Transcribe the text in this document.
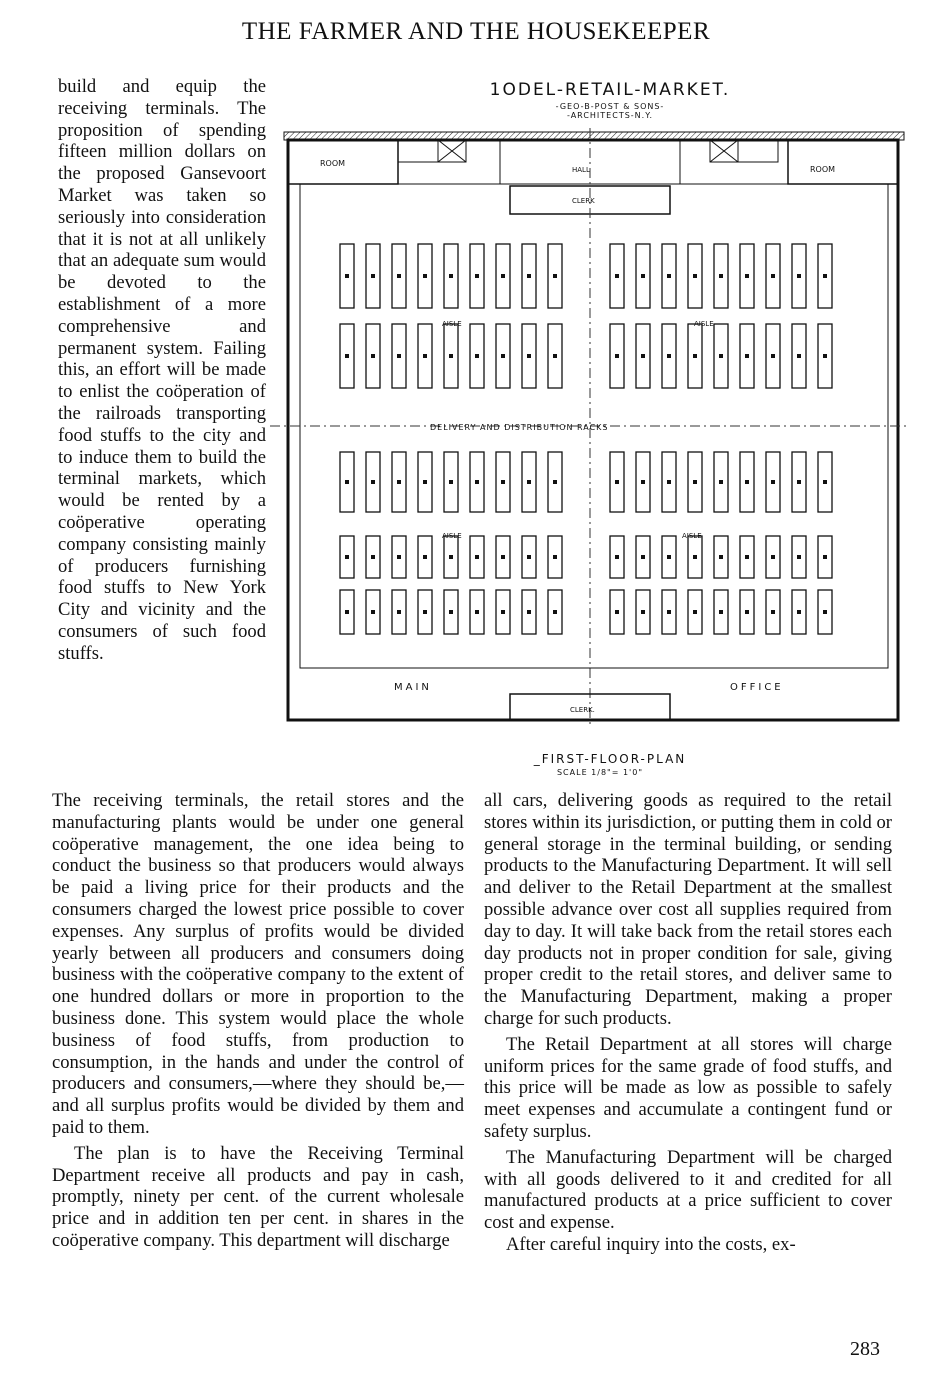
THE FARMER AND THE HOUSEKEEPER

build and equip the receiving terminals. The proposition of spending fifteen million dollars on the proposed Gansevoort Market was taken so seriously into consideration that it is not at all unlikely that an adequate sum would be devoted to the establishment of a more comprehensive and permanent system. Failing this, an effort will be made to enlist the coöperation of the railroads transporting food stuffs to the city and to induce them to build the terminal markets, which would be rented by a coöperative operating company consisting mainly of producers furnishing food stuffs to New York City and vicinity and the consumers of such food stuffs.

1ODEL-RETAIL-MARKET.
-GEO-B-POST & SONS-
-ARCHITECTS-N.Y.
ROOM
ROOM
HALL
CLERK
DELIVERY AND DISTRIBUTION RACKS
AISLE	AISLE
AISLE	AISLE
MAIN	OFFICE
CLERK.
_FIRST-FLOOR-PLAN
SCALE 1/8"= 1'0"

The receiving terminals, the retail stores and the manufacturing plants would be under one general coöperative management, the one idea being to conduct the business so that producers would always be paid a living price for their products and the consumers charged the lowest price possible to cover expenses. Any surplus of profits would be divided yearly between all producers and consumers doing business with the coöperative company to the extent of one hundred dollars or more in proportion to the business done. This system would place the whole business of food stuffs, from production to consumption, in the hands and under the control of producers and consumers,—where they should be,—and all surplus profits would be divided by them and paid to them.

The plan is to have the Receiving Terminal Department receive all products and pay in cash, promptly, ninety per cent. of the current wholesale price and in addition ten per cent. in shares in the coöperative company. This department will discharge

all cars, delivering goods as required to the retail stores within its jurisdiction, or putting them in cold or general storage in the terminal building, or sending products to the Manufacturing Department. It will sell and deliver to the Retail Department at the smallest possible advance over cost all supplies required from day to day. It will take back from the retail stores each day products not in proper condition for sale, giving proper credit to the retail stores, and deliver same to the Manufacturing Department, making a proper charge for such products.

The Retail Department at all stores will charge uniform prices for the same grade of food stuffs, and this price will be made as low as possible to safely meet expenses and accumulate a contingent fund or safety surplus.

The Manufacturing Department will be charged with all goods delivered to it and credited for all manufactured products at a price sufficient to cover cost and expense.

After careful inquiry into the costs, ex-

283
